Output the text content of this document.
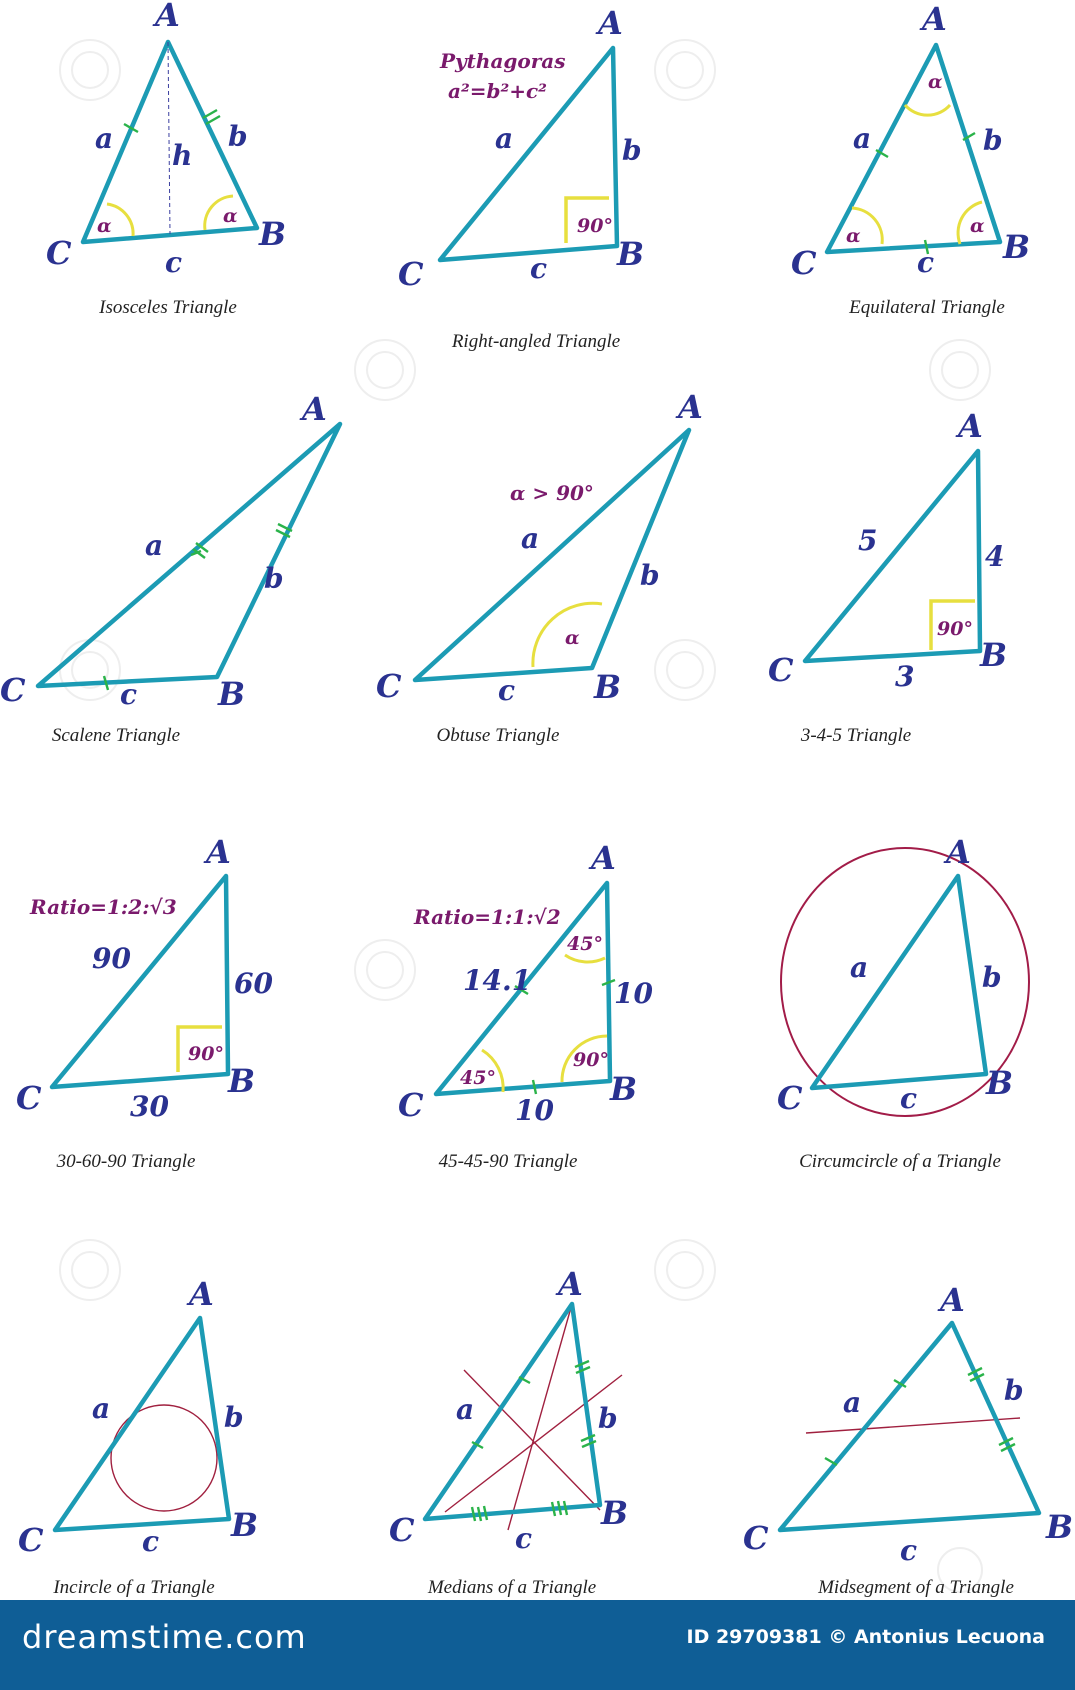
A
B
C
a	b
c
h
α	α
Isosceles Triangle
Pythagoras
a²=b²+c²
A
B
C
a	b
c
90°
Right-angled Triangle
A
B
C
a	b
c
α
α	α
Equilateral Triangle
A
B
C
a
b
c
Scalene Triangle
α > 90°
A
B
C
a
b
c
α
Obtuse Triangle
A
B
C
5	4
3
90°
3-4-5 Triangle
Ratio=1:2:√3
A
B
C
90
60
30
90°
30-60-90 Triangle
Ratio=1:1:√2
A
B
C
14.1	10
10
45°
45°
90°
45-45-90 Triangle
A
B
C
a	b
c
Circumcircle of a Triangle
A
B
C
a	b
c
Incircle of a Triangle
A
B
C
a	b
c
Medians of a Triangle
A
B
C
a	b
c
Midsegment of a Triangle
dreamstime.com	ID 29709381 © Antonius Lecuona
